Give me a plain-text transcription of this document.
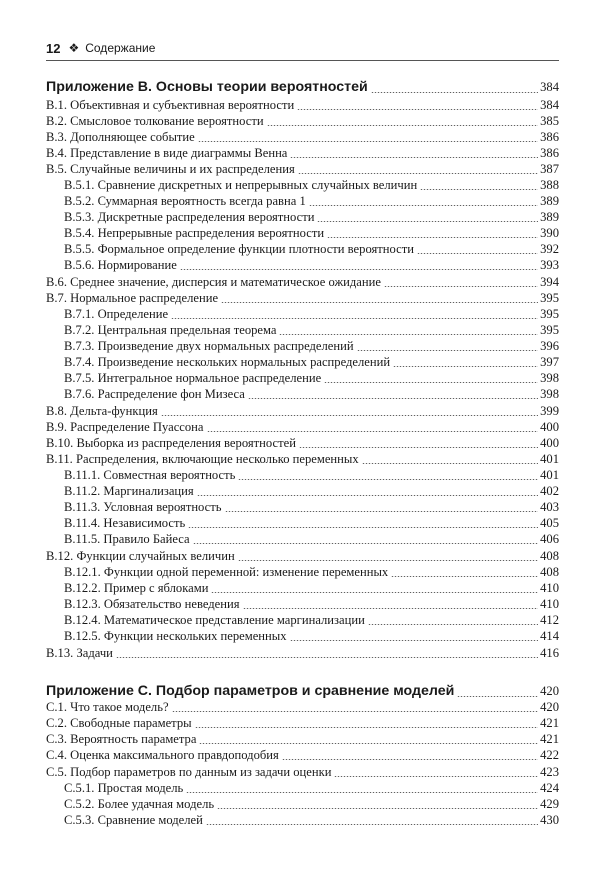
12 ❖ Содержание
Приложение B. Основы теории вероятностей	384
B.1. Объективная и субъективная вероятности	384
B.2. Смысловое толкование вероятности	385
B.3. Дополняющее событие	386
B.4. Представление в виде диаграммы Венна	386
B.5. Случайные величины и их распределения	387
B.5.1. Сравнение дискретных и непрерывных случайных величин	388
B.5.2. Суммарная вероятность всегда равна 1	389
B.5.3. Дискретные распределения вероятности	389
B.5.4. Непрерывные распределения вероятности	390
B.5.5. Формальное определение функции плотности вероятности	392
B.5.6. Нормирование	393
B.6. Среднее значение, дисперсия и математическое ожидание	394
B.7. Нормальное распределение	395
B.7.1. Определение	395
B.7.2. Центральная предельная теорема	395
B.7.3. Произведение двух нормальных распределений	396
B.7.4. Произведение нескольких нормальных распределений	397
B.7.5. Интегральное нормальное распределение	398
B.7.6. Распределение фон Мизеса	398
B.8. Дельта-функция	399
B.9. Распределение Пуассона	400
B.10. Выборка из распределения вероятностей	400
B.11. Распределения, включающие несколько переменных	401
B.11.1. Совместная вероятность	401
B.11.2. Маргинализация	402
B.11.3. Условная вероятность	403
B.11.4. Независимость	405
B.11.5. Правило Байеса	406
B.12. Функции случайных величин	408
B.12.1. Функции одной переменной: изменение переменных	408
B.12.2. Пример с яблоками	410
B.12.3. Обязательство неведения	410
B.12.4. Математическое представление маргинализации	412
B.12.5. Функции нескольких переменных	414
B.13. Задачи	416
Приложение C. Подбор параметров и сравнение моделей	420
C.1. Что такое модель?	420
C.2. Свободные параметры	421
C.3. Вероятность параметра	421
C.4. Оценка максимального правдоподобия	422
C.5. Подбор параметров по данным из задачи оценки	423
C.5.1. Простая модель	424
C.5.2. Более удачная модель	429
C.5.3. Сравнение моделей	430
